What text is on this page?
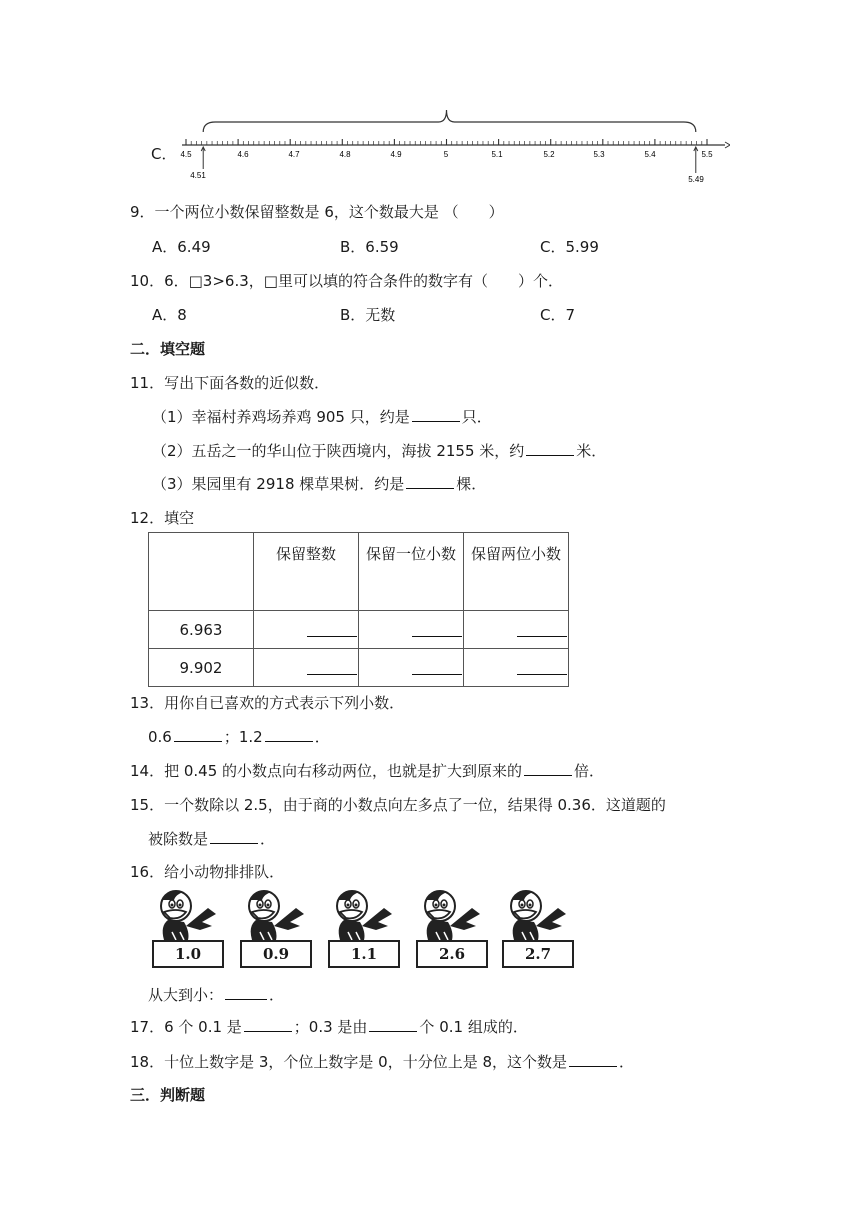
C． 4.5	4.6	4.7	4.8	4.9	5	5.1	5.2	5.3	5.4	5.5
4.51	5.49
9．一个两位小数保留整数是 6，这个数最大是 （　　）
A．6.49	B．6.59	C．5.99
10．6．□3>6.3，□里可以填的符合条件的数字有（　　）个．
A．8	B．无数	C．7
二．填空题
11．写出下面各数的近似数．
（1）幸福村养鸡场养鸡 905 只，约是	只．
（2）五岳之一的华山位于陕西境内，海拔 2155 米，约	米．
（3）果园里有 2918 棵草果树．约是	棵．
12．填空
	保留整数	保留一位小数	保留两位小数
6.963			
9.902			
13．用你自已喜欢的方式表示下列小数．
0.6	；1.2	．
14．把 0.45 的小数点向右移动两位，也就是扩大到原来的	倍．
15．一个数除以 2.5，由于商的小数点向左多点了一位，结果得 0.36．这道题的
被除数是	．
16．给小动物排排队．
1.0	0.9	1.1	2.6	2.7
从大到小：	．
17．6 个 0.1 是	；0.3 是由	个 0.1 组成的．
18．十位上数字是 3，个位上数字是 0，十分位上是 8，这个数是	．
三．判断题
